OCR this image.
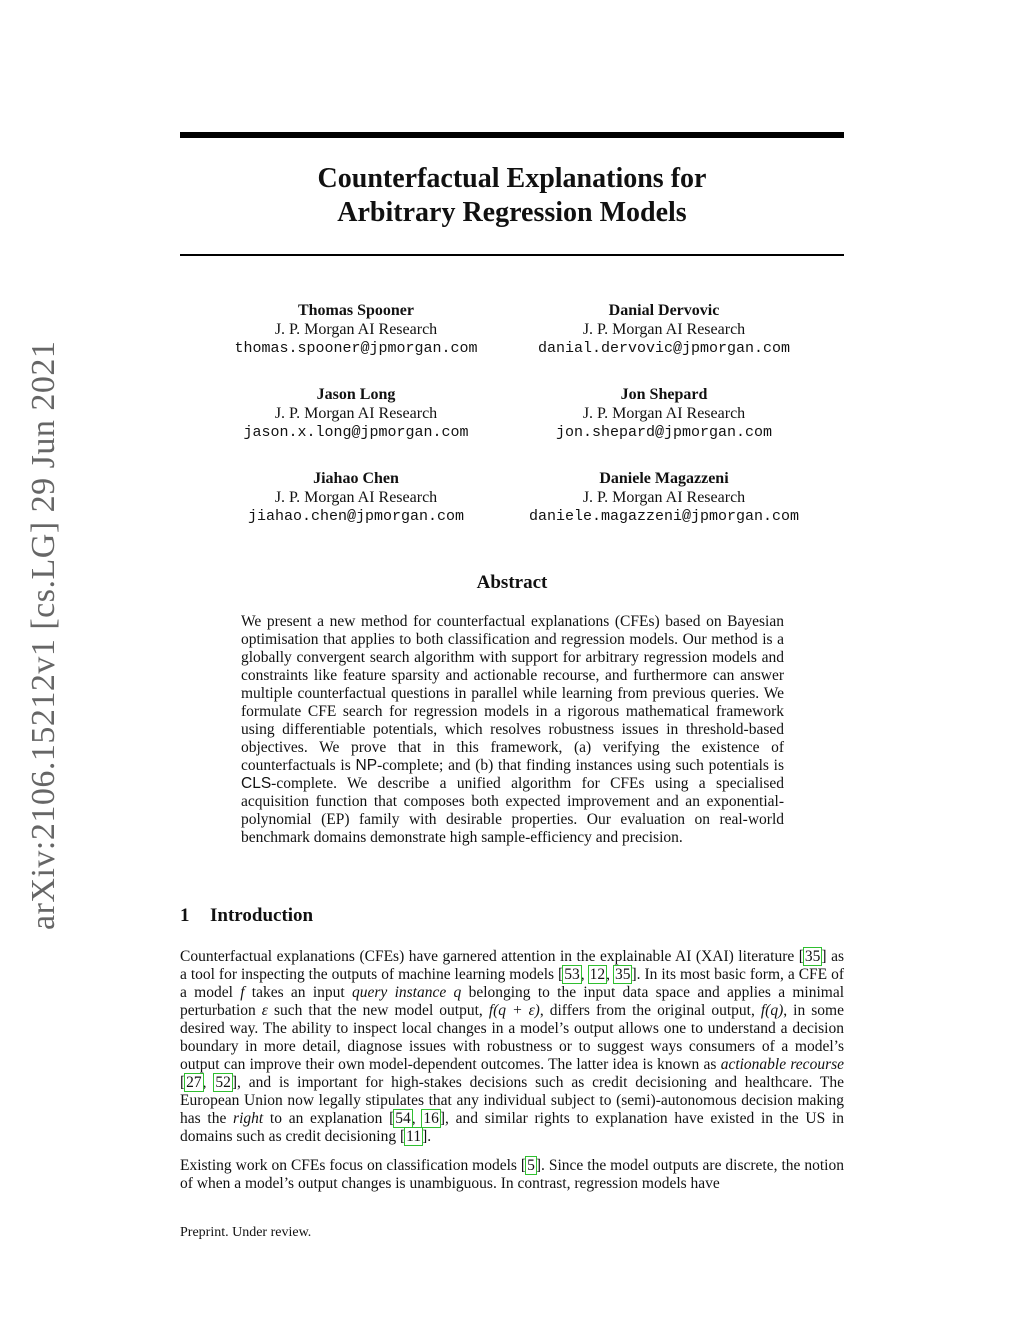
arXiv:2106.15212v1 [cs.LG] 29 Jun 2021
Counterfactual Explanations for
Arbitrary Regression Models
Thomas Spooner
J. P. Morgan AI Research
thomas.spooner@jpmorgan.com
Danial Dervovic
J. P. Morgan AI Research
danial.dervovic@jpmorgan.com
Jason Long
J. P. Morgan AI Research
jason.x.long@jpmorgan.com
Jon Shepard
J. P. Morgan AI Research
jon.shepard@jpmorgan.com
Jiahao Chen
J. P. Morgan AI Research
jiahao.chen@jpmorgan.com
Daniele Magazzeni
J. P. Morgan AI Research
daniele.magazzeni@jpmorgan.com
Abstract
We present a new method for counterfactual explanations (CFEs) based on Bayesian optimisation that applies to both classification and regression models. Our method is a globally convergent search algorithm with support for arbitrary regression models and constraints like feature sparsity and actionable recourse, and furthermore can answer multiple counterfactual questions in parallel while learning from previous queries. We formulate CFE search for regression models in a rigorous mathematical framework using differentiable potentials, which resolves robustness issues in threshold-based objectives. We prove that in this framework, (a) verifying the existence of counterfactuals is NP-complete; and (b) that finding instances using such potentials is CLS-complete. We describe a unified algorithm for CFEs using a specialised acquisition function that composes both expected improvement and an exponential-polynomial (EP) family with desirable properties. Our evaluation on real-world benchmark domains demonstrate high sample-efficiency and precision.
1 Introduction
Counterfactual explanations (CFEs) have garnered attention in the explainable AI (XAI) literature [35] as a tool for inspecting the outputs of machine learning models [53, 12, 35]. In its most basic form, a CFE of a model f takes an input query instance q belonging to the input data space and applies a minimal perturbation ε such that the new model output, f(q + ε), differs from the original output, f(q), in some desired way. The ability to inspect local changes in a model’s output allows one to understand a decision boundary in more detail, diagnose issues with robustness or to suggest ways consumers of a model’s output can improve their own model-dependent outcomes. The latter idea is known as actionable recourse [27, 52], and is important for high-stakes decisions such as credit decisioning and healthcare. The European Union now legally stipulates that any individual subject to (semi)-autonomous decision making has the right to an explanation [54, 16], and similar rights to explanation have existed in the US in domains such as credit decisioning [11].
Existing work on CFEs focus on classification models [5]. Since the model outputs are discrete, the notion of when a model’s output changes is unambiguous. In contrast, regression models have
Preprint. Under review.
